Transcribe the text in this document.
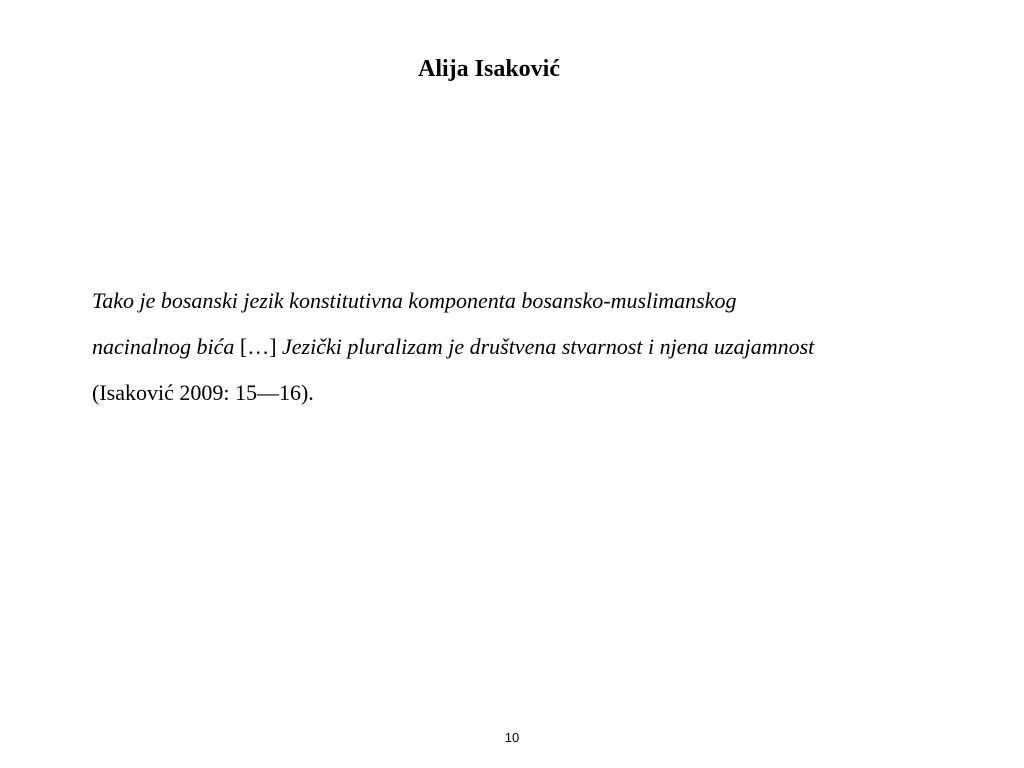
Alija Isaković
Tako je bosanski jezik konstitutivna komponenta bosansko-muslimanskog
nacinalnog bića […] Jezički pluralizam je društvena stvarnost i njena uzajamnost
(Isaković 2009: 15—16).
10
